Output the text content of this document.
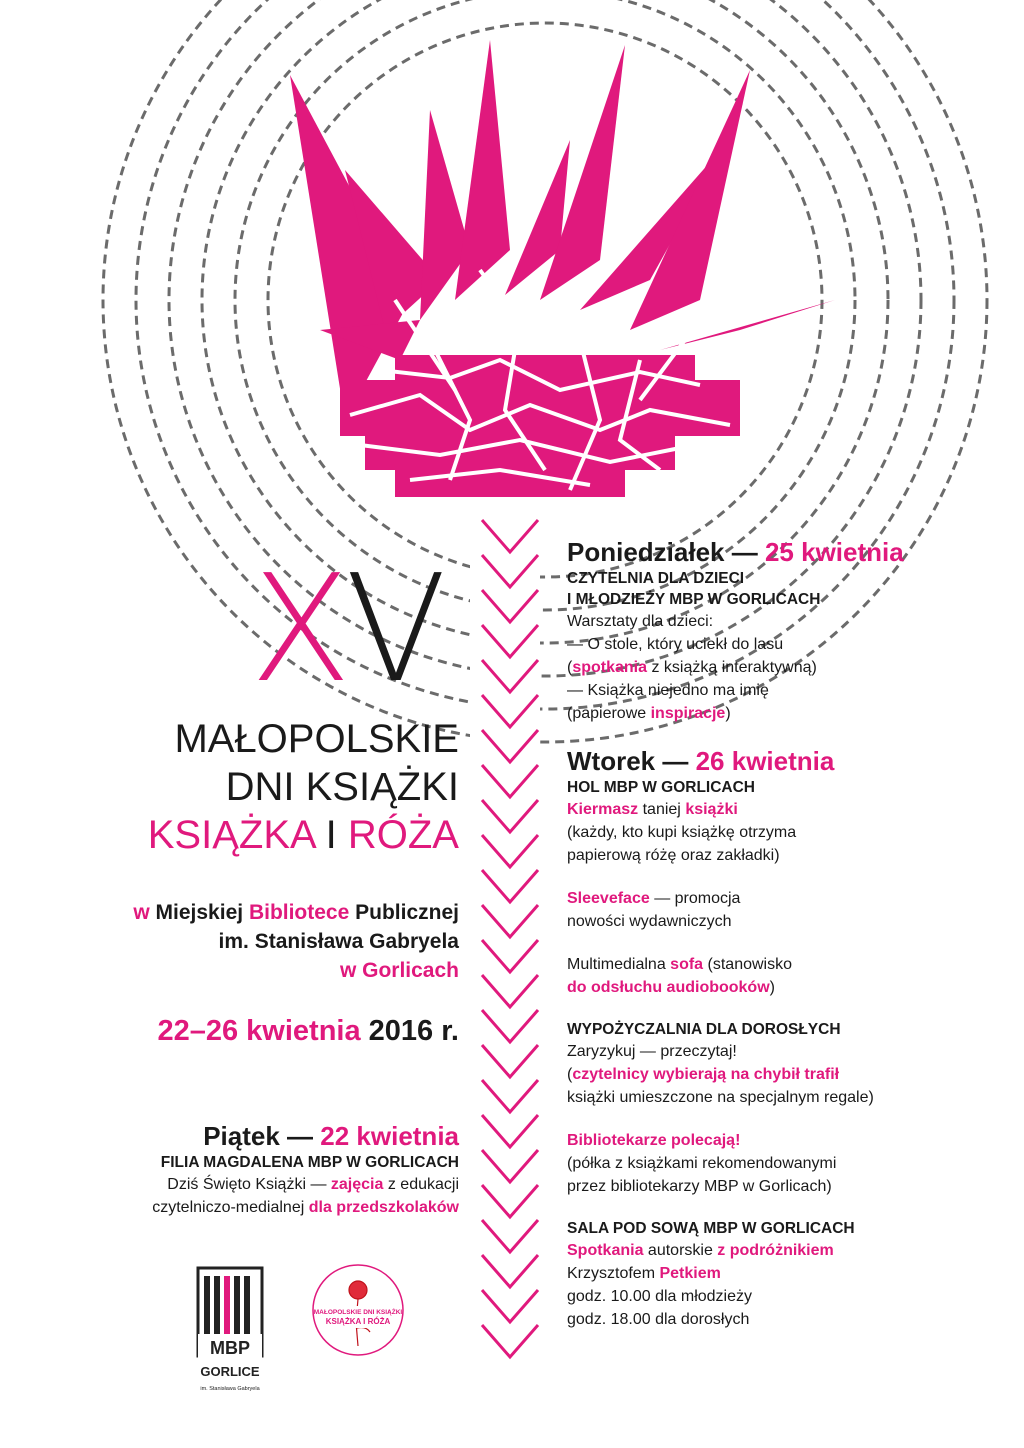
XV
MAŁOPOLSKIE
DNI KSIĄŻKI
KSIĄŻKA I RÓŻA
w Miejskiej Bibliotece Publicznej
im. Stanisława Gabryela
w Gorlicach
22–26 kwietnia 2016 r.
Piątek — 22 kwietnia
FILIA MAGDALENA MBP W GORLICACH
Dziś Święto Książki — zajęcia z edukacji
czytelniczo-medialnej dla przedszkolaków
MBP
GORLICE
im. Stanisława Gabryela
MAŁOPOLSKIE DNI KSIĄŻKI
KSIĄŻKA I RÓŻA
Poniedziałek — 25 kwietnia
CZYTELNIA DLA DZIECI
I MŁODZIEŻY MBP W GORLICACH
Warsztaty dla dzieci:
— O stole, który uciekł do lasu
(spotkania z książką interaktywną)
— Książka niejedno ma imię
(papierowe inspiracje)
Wtorek — 26 kwietnia
HOL MBP W GORLICACH
Kiermasz taniej książki
(każdy, kto kupi książkę otrzyma
papierową różę oraz zakładki)
Sleeveface — promocja
nowości wydawniczych
Multimedialna sofa (stanowisko
do odsłuchu audiobooków)
WYPOŻYCZALNIA DLA DOROSŁYCH
Zaryzykuj — przeczytaj!
(czytelnicy wybierają na chybił trafił
książki umieszczone na specjalnym regale)
Bibliotekarze polecają!
(półka z książkami rekomendowanymi
przez bibliotekarzy MBP w Gorlicach)
SALA POD SOWĄ MBP W GORLICACH
Spotkania autorskie z podróżnikiem
Krzysztofem Petkiem
godz. 10.00 dla młodzieży
godz. 18.00 dla dorosłych
